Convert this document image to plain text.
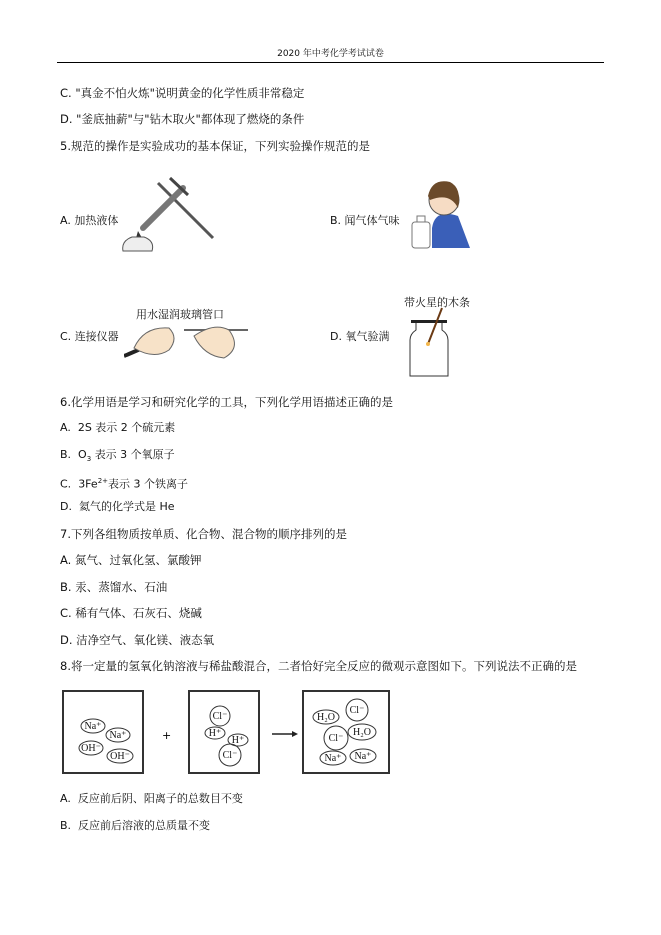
2020 年中考化学考试试卷
C. "真金不怕火炼"说明黄金的化学性质非常稳定
D. "釜底抽薪"与"钻木取火"都体现了燃烧的条件
5.规范的操作是实验成功的基本保证，下列实验操作规范的是
A. 加热液体	B. 闻气体气味
C. 连接仪器
用水湿润玻璃管口
D. 氧气验满
带火星的木条
6.化学用语是学习和研究化学的工具，下列化学用语描述正确的是
A. 2S 表示 2 个硫元素
B. $O_3$ 表示 3 个氧原子
C. $3Fe^{2+}$表示 3 个铁离子
D. 氦气的化学式是 He
7.下列各组物质按单质、化合物、混合物的顺序排列的是
A. 氮气、过氧化氢、氯酸钾
B. 汞、蒸馏水、石油
C. 稀有气体、石灰石、烧碱
D. 洁净空气、氧化镁、液态氧
8.将一定量的氢氧化钠溶液与稀盐酸混合，二者恰好完全反应的微观示意图如下。下列说法不正确的是
+
Na⁺
Na⁺
OH⁻
OH⁻
Cl⁻
H⁺
H⁺
Cl⁻
Cl⁻
H₂O
H₂O
Cl⁻
Na⁺ Na⁺
A. 反应前后阴、阳离子的总数目不变
B. 反应前后溶液的总质量不变
